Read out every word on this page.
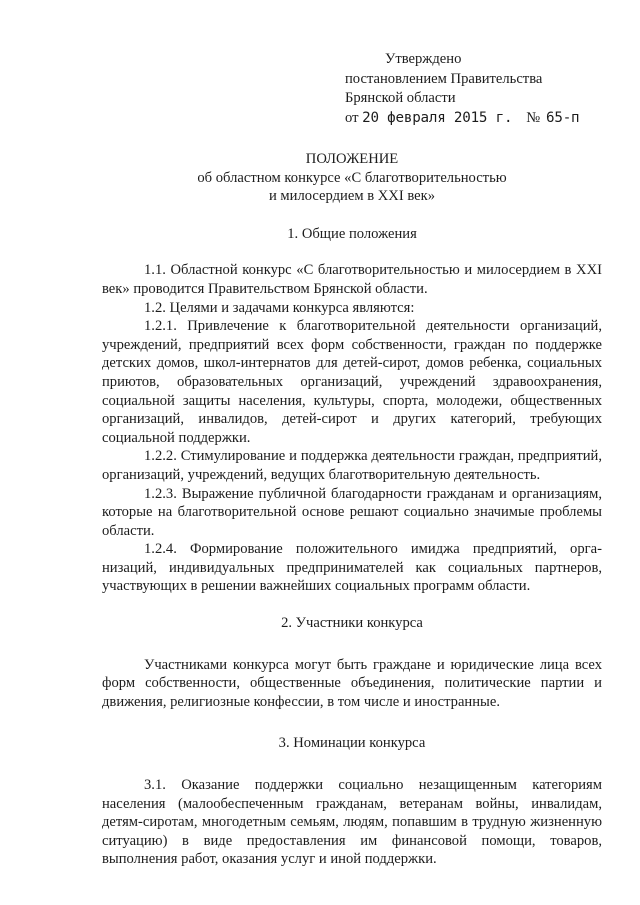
Утверждено
постановлением Правительства
Брянской области
от 20 февраля 2015 г. № 65-п
ПОЛОЖЕНИЕ
об областном конкурсе «С благотворительностью
и милосердием в XXI век»
1. Общие положения

1.1. Областной конкурс «С благотворительностью и милосердием в XXI век» проводится Правительством Брянской области.

1.2. Целями и задачами конкурса являются:

1.2.1. Привлечение к благотворительной деятельности организаций, учреждений, предприятий всех форм собственности, граждан по поддержке детских домов, школ-интернатов для детей-сирот, домов ребенка, социальных приютов, образовательных организаций, учреждений здравоохранения, социальной защиты населения, культуры, спорта, молодежи, общественных организаций, инвалидов, детей-сирот и других категорий, требующих социальной поддержки.

1.2.2. Стимулирование и поддержка деятельности граждан, предприятий, организаций, учреждений, ведущих благотворительную деятельность.

1.2.3. Выражение публичной благодарности гражданам и организациям, которые на благотворительной основе решают социально значимые проблемы области.

1.2.4. Формирование положительного имиджа предприятий, организаций, индивидуальных предпринимателей как социальных партнеров, участвующих в решении важнейших социальных программ области.

2. Участники конкурса

Участниками конкурса могут быть граждане и юридические лица всех форм собственности, общественные объединения, политические партии и движения, религиозные конфессии, в том числе и иностранные.

3. Номинации конкурса

3.1. Оказание поддержки социально незащищенным категориям населения (малообеспеченным гражданам, ветеранам войны, инвалидам, детям-сиротам, многодетным семьям, людям, попавшим в трудную жизненную ситуацию) в виде предоставления им финансовой помощи, товаров, выполнения работ, оказания услуг и иной поддержки.
